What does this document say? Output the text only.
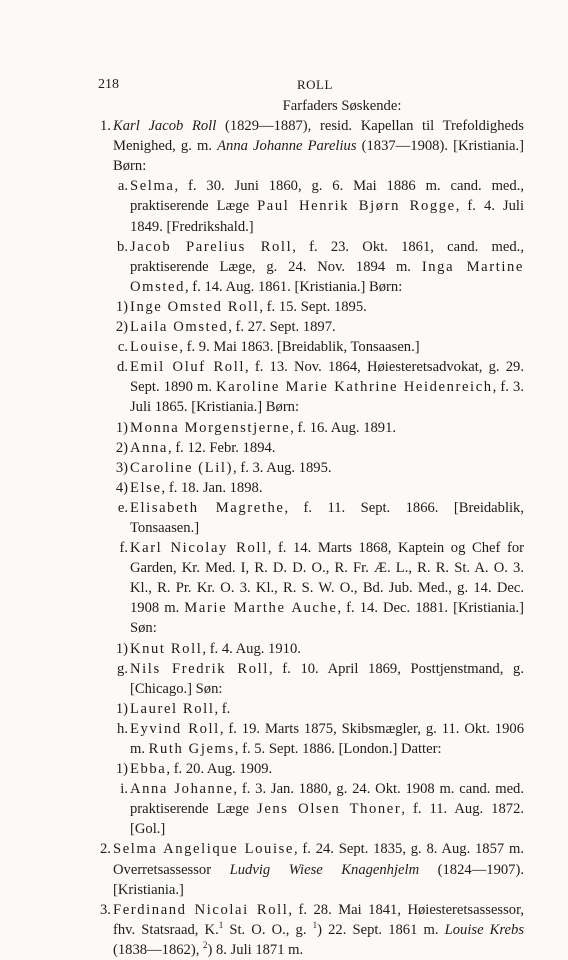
218	ROLL
Farfaders Søskende:
1. Karl Jacob Roll (1829—1887), resid. Kapellan til Trefoldigheds Menighed, g. m. Anna Johanne Parelius (1837—1908). [Kristiania.] Børn:
a. Selma, f. 30. Juni 1860, g. 6. Mai 1886 m. cand. med., praktiserende Læge Paul Henrik Bjørn Rogge, f. 4. Juli 1849. [Fredrikshald.]
b. Jacob Parelius Roll, f. 23. Okt. 1861, cand. med., praktiserende Læge, g. 24. Nov. 1894 m. Inga Martine Omsted, f. 14. Aug. 1861. [Kristiania.] Børn:
1) Inge Omsted Roll, f. 15. Sept. 1895.
2) Laila Omsted, f. 27. Sept. 1897.
c. Louise, f. 9. Mai 1863. [Breidablik, Tonsaasen.]
d. Emil Oluf Roll, f. 13. Nov. 1864, Høiesteretsadvokat, g. 29. Sept. 1890 m. Karoline Marie Kathrine Heidenreich, f. 3. Juli 1865. [Kristiania.] Børn:
1) Monna Morgenstjerne, f. 16. Aug. 1891.
2) Anna, f. 12. Febr. 1894.
3) Caroline (Lil), f. 3. Aug. 1895.
4) Else, f. 18. Jan. 1898.
e. Elisabeth Magrethe, f. 11. Sept. 1866. [Breidablik, Tonsaasen.]
f. Karl Nicolay Roll, f. 14. Marts 1868, Kaptein og Chef for Garden, Kr. Med. I, R. D. D. O., R. Fr. Æ. L., R. R. St. A. O. 3. Kl., R. Pr. Kr. O. 3. Kl., R. S. W. O., Bd. Jub. Med., g. 14. Dec. 1908 m. Marie Marthe Auche, f. 14. Dec. 1881. [Kristiania.] Søn:
1) Knut Roll, f. 4. Aug. 1910.
g. Nils Fredrik Roll, f. 10. April 1869, Posttjenstmand, g. [Chicago.] Søn:
1) Laurel Roll, f.
h. Eyvind Roll, f. 19. Marts 1875, Skibsmægler, g. 11. Okt. 1906 m. Ruth Gjems, f. 5. Sept. 1886. [London.] Datter:
1) Ebba, f. 20. Aug. 1909.
i. Anna Johanne, f. 3. Jan. 1880, g. 24. Okt. 1908 m. cand. med. praktiserende Læge Jens Olsen Thoner, f. 11. Aug. 1872. [Gol.]
2. Selma Angelique Louise, f. 24. Sept. 1835, g. 8. Aug. 1857 m. Overretsassessor Ludvig Wiese Knagenhjelm (1824—1907). [Kristiania.]
3. Ferdinand Nicolai Roll, f. 28. Mai 1841, Høiesteretsassessor, fhv. Statsraad, K.$^1$ St. O. O., g. $^1$) 22. Sept. 1861 m. Louise Krebs (1838—1862), $^2$) 8. Juli 1871 m.
